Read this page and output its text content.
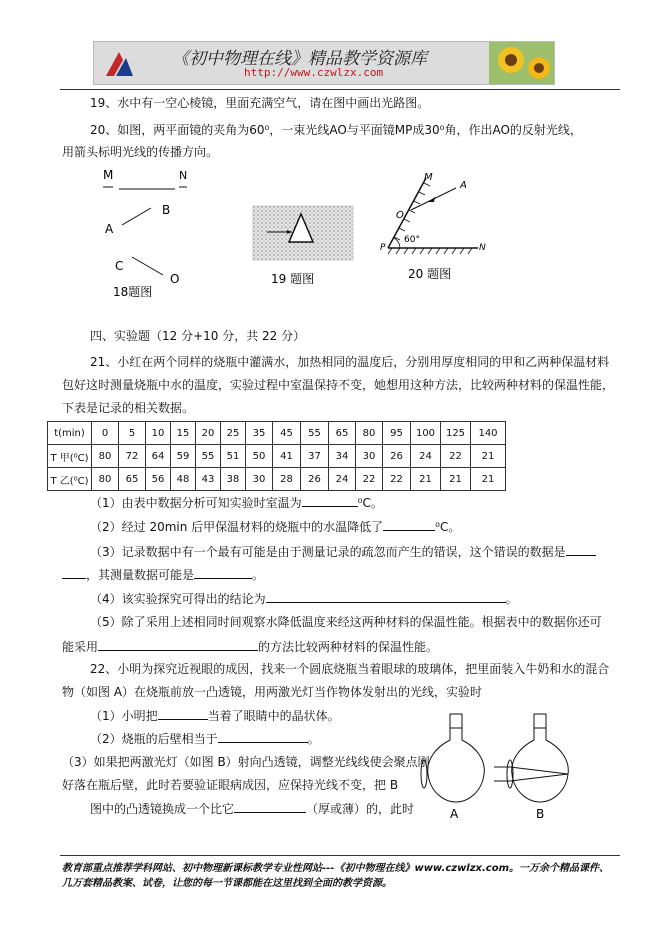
《初中物理在线》精品教学资源库
http://www.czwlzx.com
19、水中有一空心棱镜，里面充满空气，请在图中画出光路图。
20、如图，两平面镜的夹角为60⁰，一束光线AO与平面镜MP成30⁰角，作出AO的反射光线，
用箭头标明光线的传播方向。
M	N
B
A
C
O
18题图
19 题图
M
A
O
60°
P	N
20 题图
四、实验题（12 分+10 分，共 22 分）
21、小红在两个同样的烧瓶中灌满水，加热相同的温度后，分别用厚度相同的甲和乙两种保温材料
包好这时测量烧瓶中水的温度，实验过程中室温保持不变，她想用这种方法，比较两种材料的保温性能，
下表是记录的相关数据。
t(min)	0	5	10	15	20	25	35	45	55	65	80	95	100	125	140
T 甲(⁰C)	80	72	64	59	55	51	50	41	37	34	30	26	24	22	21
T 乙(⁰C)	80	65	56	48	43	38	30	28	26	24	22	22	21	21	21
（1）由表中数据分析可知实验时室温为	⁰C。
（2）经过 20min 后甲保温材料的烧瓶中的水温降低了	⁰C。
（3）记录数据中有一个最有可能是由于测量记录的疏忽而产生的错误，这个错误的数据是
，其测量数据可能是	。
（4）该实验探究可得出的结论为	。
（5）除了采用上述相同时间观察水降低温度来经这两种材料的保温性能。根据表中的数据你还可
能采用	的方法比较两种材料的保温性能。
22、小明为探究近视眼的成因，找来一个圆底烧瓶当着眼球的玻璃体，把里面装入牛奶和水的混合
物（如图 A）在烧瓶前放一凸透镜，用两激光灯当作物体发射出的光线，实验时
（1）小明把	当着了眼睛中的晶状体。
（2）烧瓶的后壁相当于	。
（3）如果把两激光灯（如图 B）射向凸透镜，调整光线线使会聚点刚
好落在瓶后壁，此时若要验证眼病成因，应保持光线不变，把 B
图中的凸透镜换成一个比它	（厚或薄）的，此时	A	B
教育部重点推荐学科网站、初中物理新课标教学专业性网站---《初中物理在线》www.czwlzx.com。一万余个精品课件、
几万套精品教案、试卷，让您的每一节课都能在这里找到全面的教学资源。
